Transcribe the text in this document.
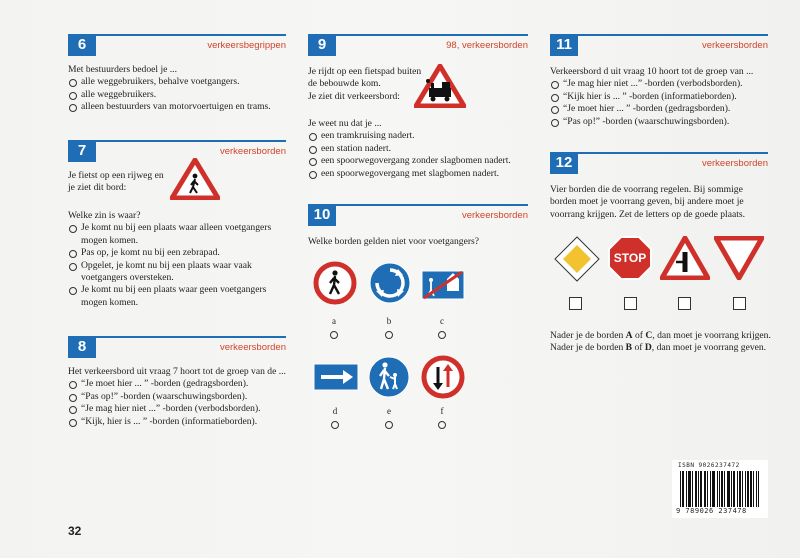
6	verkeersbegrippen
Met bestuurders bedoel je ...
alle weggebruikers, behalve voetgangers.
alle weggebruikers.
alleen bestuurders van motorvoertuigen en trams.
7	verkeersborden
Je fietst op een rijweg en
je ziet dit bord:
Welke zin is waar?
Je komt nu bij een plaats waar alleen voetgangers
mogen komen.
Pas op, je komt nu bij een zebrapad.
Opgelet, je komt nu bij een plaats waar vaak
voetgangers oversteken.
Je komt nu bij een plaats waar geen voetgangers
mogen komen.
8	verkeersborden
Het verkeersbord uit vraag 7 hoort tot de groep van de ...
“Je moet hier ... ” -borden (gedragsborden).
“Pas op!” -borden (waarschuwingsborden).
“Je mag hier niet ...” -borden (verbodsborden).
“Kijk, hier is ... ” -borden (informatieborden).
9	98, verkeersborden
Je rijdt op een fietspad buiten
de bebouwde kom.
Je ziet dit verkeersbord:
Je weet nu dat je ...
een tramkruising nadert.
een station nadert.
een spoorwegovergang zonder slagbomen nadert.
een spoorwegovergang met slagbomen nadert.
10	verkeersborden
Welke borden gelden niet voor voetgangers?
a	b	c
d	e	f
11	verkeersborden
Verkeersbord d uit vraag 10 hoort tot de groep van ...
“Je mag hier niet ...” -borden (verbodsborden).
“Kijk hier is ... ” -borden (informatieborden).
“Je moet hier ... ” -borden (gedragsborden).
“Pas op!” -borden (waarschuwingsborden).
12	verkeersborden
Vier borden die de voorrang regelen. Bij sommige
borden moet je voorrang geven, bij andere moet je
voorrang krijgen. Zet de letters op de goede plaats.
STOP
Nader je de borden A of C, dan moet je voorrang krijgen.
Nader je de borden B of D, dan moet je voorrang geven.
ISBN 9026237472
9 789026 237478
32
